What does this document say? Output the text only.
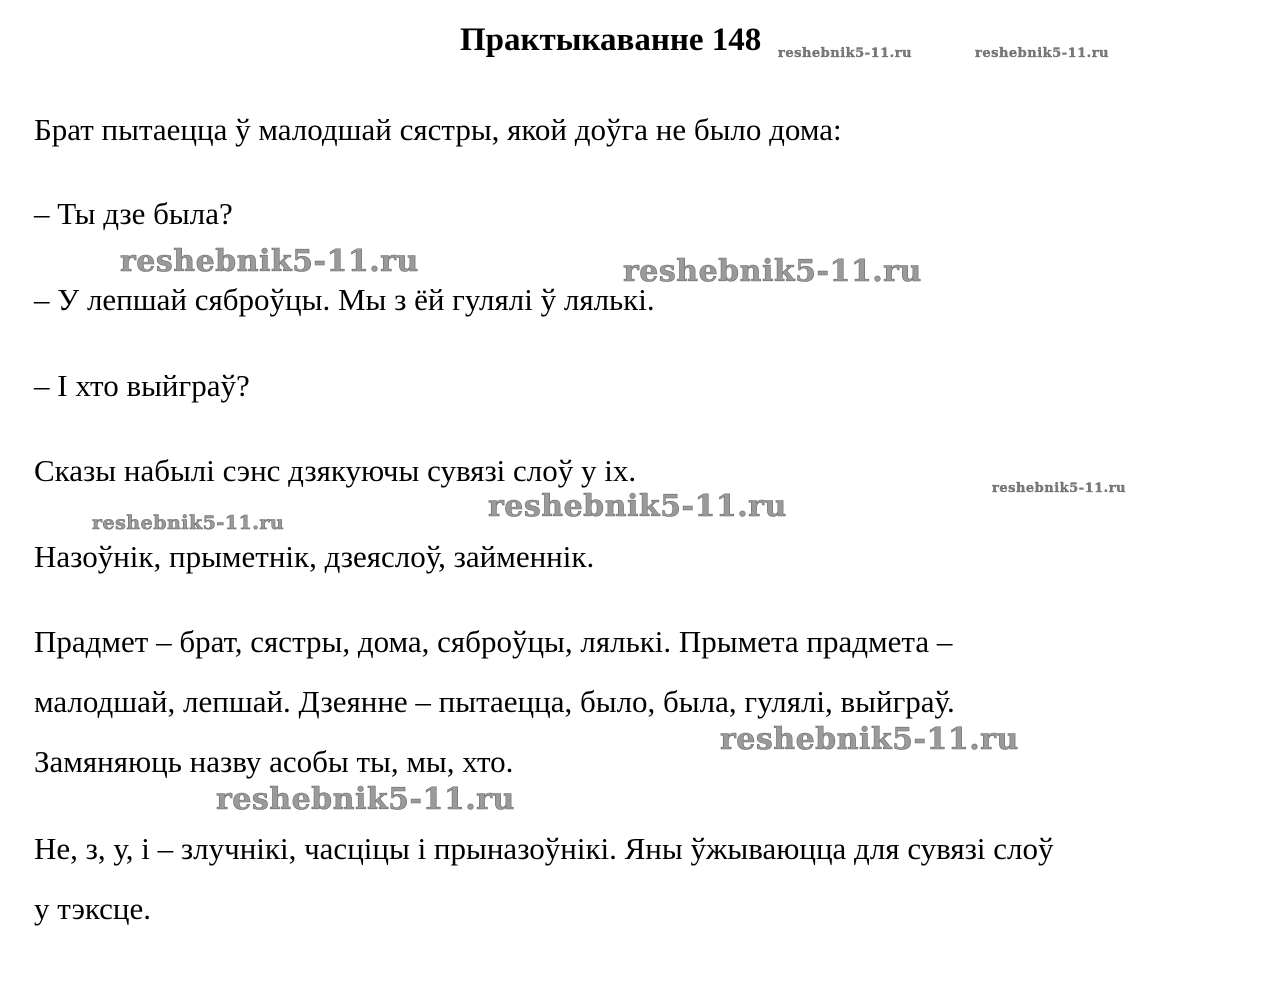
Практыкаванне 148
Брат пытаецца ў малодшай сястры, якой доўга не было дома:
– Ты дзе была?
– У лепшай сяброўцы. Мы з ёй гулялі ў лялькі.
– І хто выйграў?
Сказы набылі сэнс дзякуючы сувязі слоў у іх.
Назоўнік, прыметнік, дзеяслоў, займеннік.
Прадмет – брат, сястры, дома, сяброўцы, лялькі. Прымета прадмета –
малодшай, лепшай. Дзеянне – пытаецца, было, была, гулялі, выйграў.
Замяняюць назву асобы ты, мы, хто.
Не, з, у, і – злучнікі, часціцы і прыназоўнікі. Яны ўжываюцца для сувязі слоў
у тэксце.
reshebnik5-11.ru	reshebnik5-11.ru
reshebnik5-11.ru	reshebnik5-11.ru
reshebnik5-11.ru
reshebnik5-11.ru
reshebnik5-11.ru
reshebnik5-11.ru
reshebnik5-11.ru
